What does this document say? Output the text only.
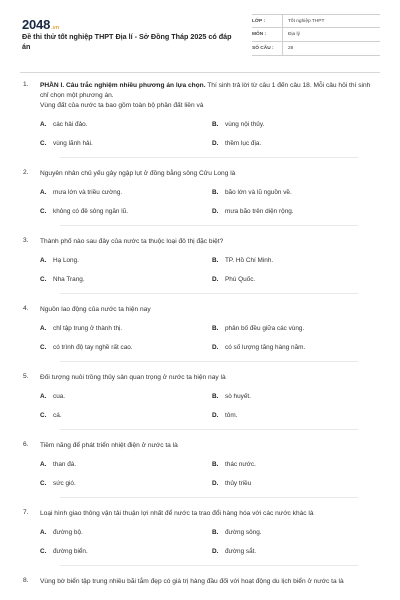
2048 .vn
Đề thi thử tốt nghiệp THPT Địa lí - Sở Đồng Tháp 2025 có đáp án
LỚP :	Tốt nghiệp THPT
MÔN :	Địa lý
SỐ CÂU :	28
1. PHẦN I. Câu trắc nghiệm nhiều phương án lựa chọn. Thí sinh trả lời từ câu 1 đến câu 18. Mỗi câu hỏi thí sinh chỉ chọn một phương án.
Vùng đất của nước ta bao gồm toàn bộ phần đất liền và
A.	các hải đảo.	B.	vùng nội thủy.
C.	vùng lãnh hải.	D.	thềm lục địa.
2. Nguyên nhân chủ yếu gây ngập lụt ở đồng bằng sông Cửu Long là
A.	mưa lớn và triều cường.	B.	bão lớn và lũ nguồn về.
C.	không có đê sông ngăn lũ.	D.	mưa bão trên diện rộng.
3. Thành phố nào sau đây của nước ta thuộc loại đô thị đặc biệt?
A.	Hạ Long.	B.	TP. Hồ Chí Minh.
C.	Nha Trang.	D.	Phú Quốc.
4. Nguồn lao động của nước ta hiện nay
A.	chỉ tập trung ở thành thị.	B.	phân bố đều giữa các vùng.
C.	có trình độ tay nghề rất cao.	D.	có số lượng tăng hàng năm.
5. Đối tượng nuôi trồng thủy sản quan trọng ở nước ta hiện nay là
A.	cua.	B.	sò huyết.
C.	cá.	D.	tôm.
6. Tiềm năng để phát triển nhiệt điện ở nước ta là
A.	than đá.	B.	thác nước.
C.	sức gió.	D.	thủy triều
7. Loại hình giao thông vận tải thuận lợi nhất để nước ta trao đổi hàng hóa với các nước khác là
A.	đường bộ.	B.	đường sông.
C.	đường biển.	D.	đường sắt.
8. Vùng bờ biển tập trung nhiều bãi tắm đẹp có giá trị hàng đầu đối với hoạt động du lịch biển ở nước ta là
